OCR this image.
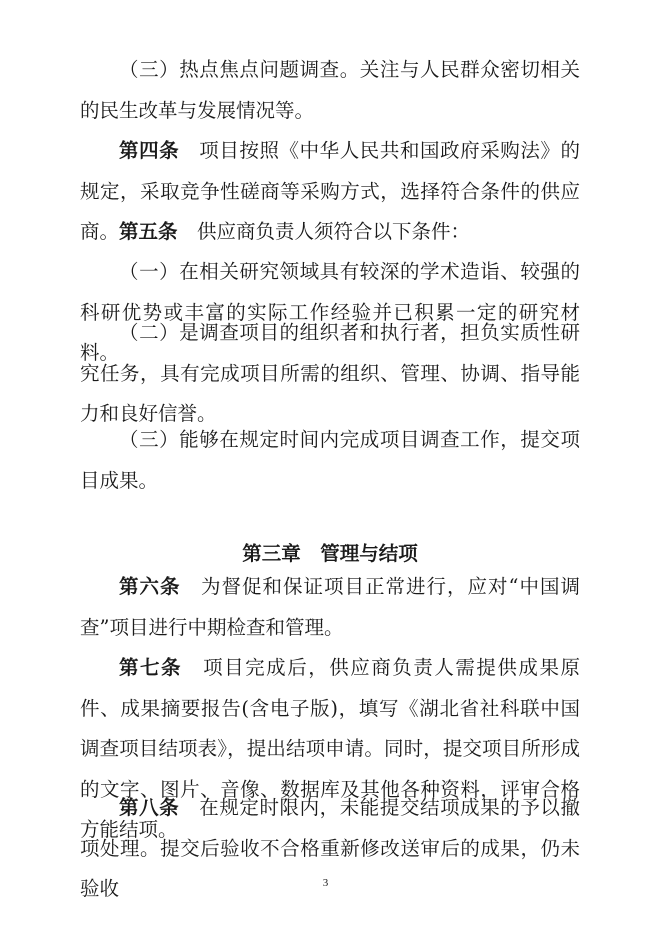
（三）热点焦点问题调查。关注与人民群众密切相关的民生改革与发展情况等。

第四条　项目按照《中华人民共和国政府采购法》的规定，采取竞争性磋商等采购方式，选择符合条件的供应商。 第五条　供应商负责人须符合以下条件：

（一）在相关研究领域具有较深的学术造诣、较强的科研优势或丰富的实际工作经验并已积累一定的研究材料。

（二）是调查项目的组织者和执行者，担负实质性研究任务，具有完成项目所需的组织、管理、协调、指导能力和良好信誉。

（三）能够在规定时间内完成项目调查工作，提交项目成果。

第三章　管理与结项

第六条　为督促和保证项目正常进行，应对“中国调查”项目进行中期检查和管理。

第七条　项目完成后，供应商负责人需提供成果原件、成果摘要报告(含电子版)，填写《湖北省社科联中国调查项目结项表》，提出结项申请。同时，提交项目所形成的文字、图片、音像、数据库及其他各种资料，评审合格方能结项。

第八条　在规定时限内，未能提交结项成果的予以撤项处理。提交后验收不合格重新修改送审后的成果，仍未验收	3
